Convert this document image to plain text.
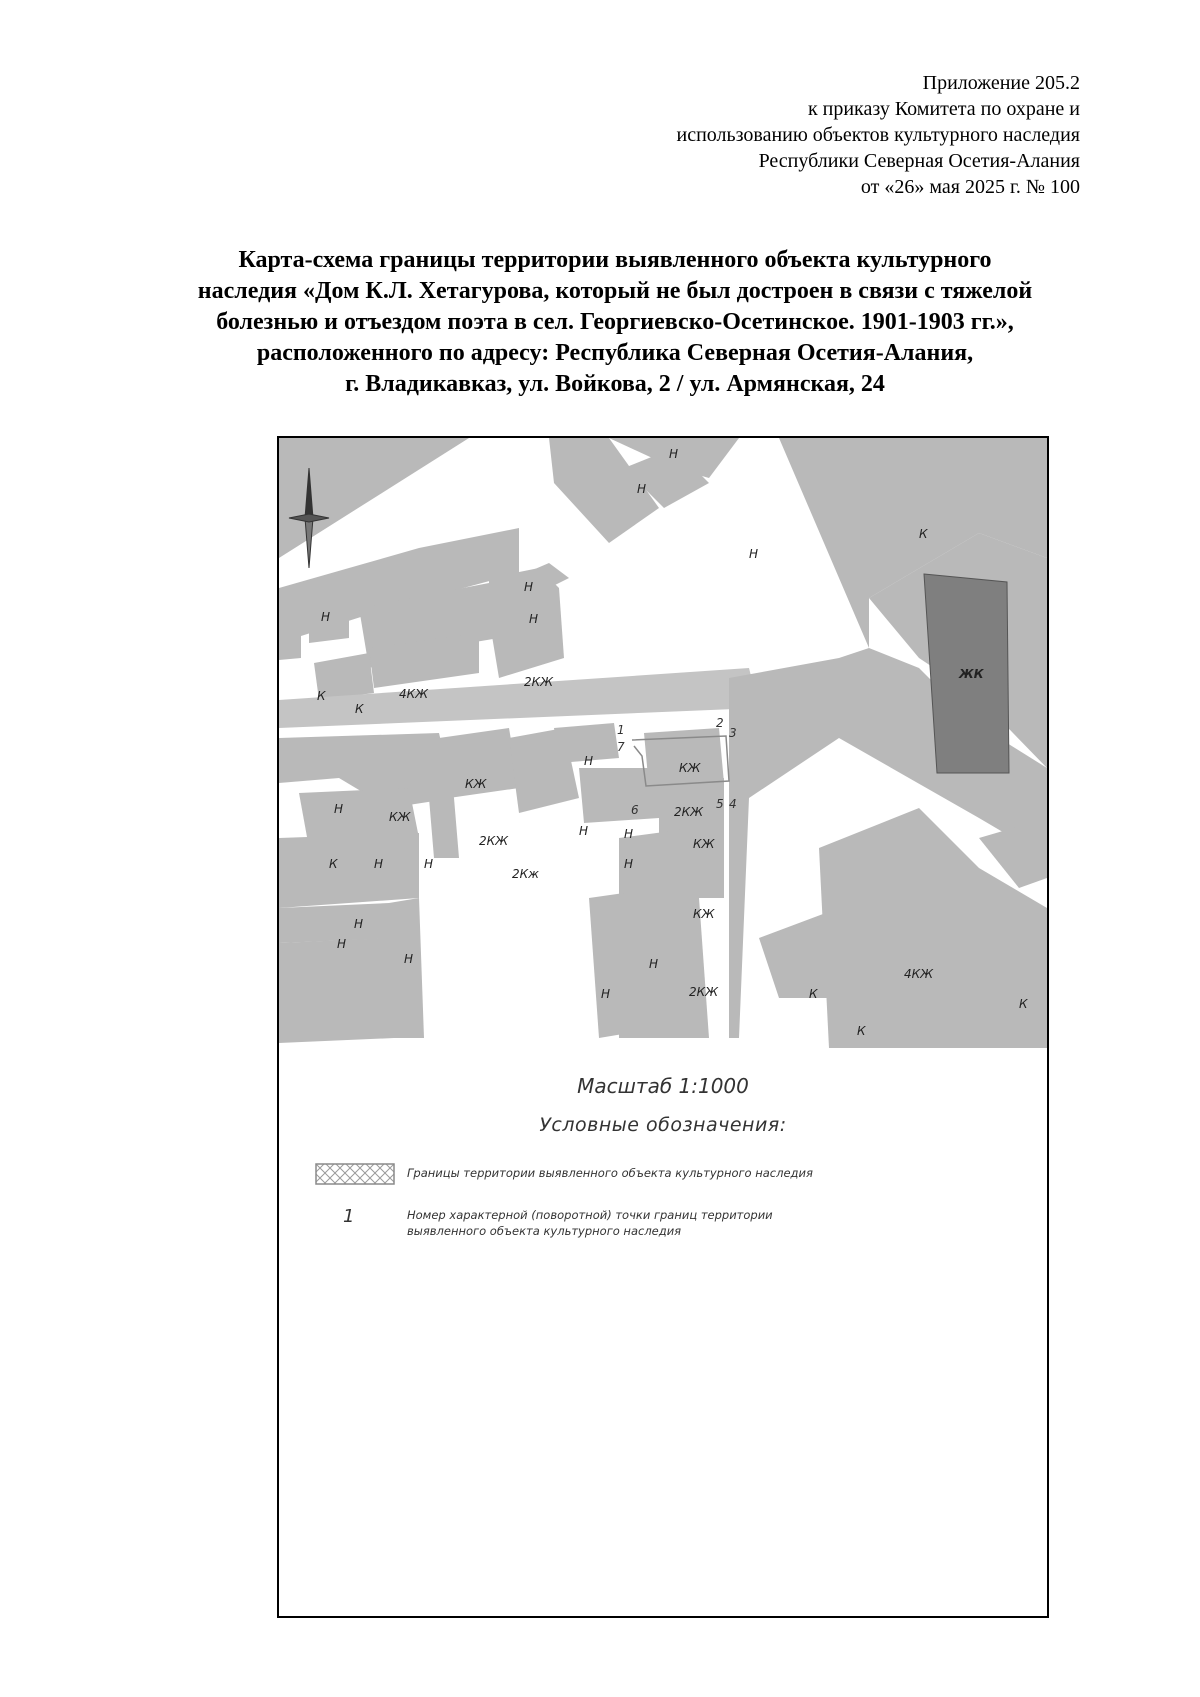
Приложение 205.2
к приказу Комитета по охране и
использованию объектов культурного наследия
Республики Северная Осетия-Алания
от «26» мая 2025 г. № 100
Карта-схема границы территории выявленного объекта культурного
наследия «Дом К.Л. Хетагурова, который не был достроен в связи с тяжелой
болезнью и отъездом поэта в сел. Георгиевско-Осетинское. 1901-1903 гг.»,
расположенного по адресу: Республика Северная Осетия-Алания,
г. Владикавказ, ул. Войкова, 2 / ул. Армянская, 24
Н
Н
К
Н
ЖК
Н
Н
Н
4КЖ
2КЖ
К
К
Н	КЖ
КЖ
Н
КЖ
2КЖ
2КЖ
Н	Н
КЖ
2Кж
Н
К	Н	Н
КЖ
Н
Н
Н	Н
2КЖ
Н	К
4КЖ
К
К
1	2
3
4
5
6
7
Масштаб 1:1000
Условные обозначения:
Границы территории выявленного объекта культурного наследия
1	Номер характерной (поворотной) точки границ территории
выявленного объекта культурного наследия
